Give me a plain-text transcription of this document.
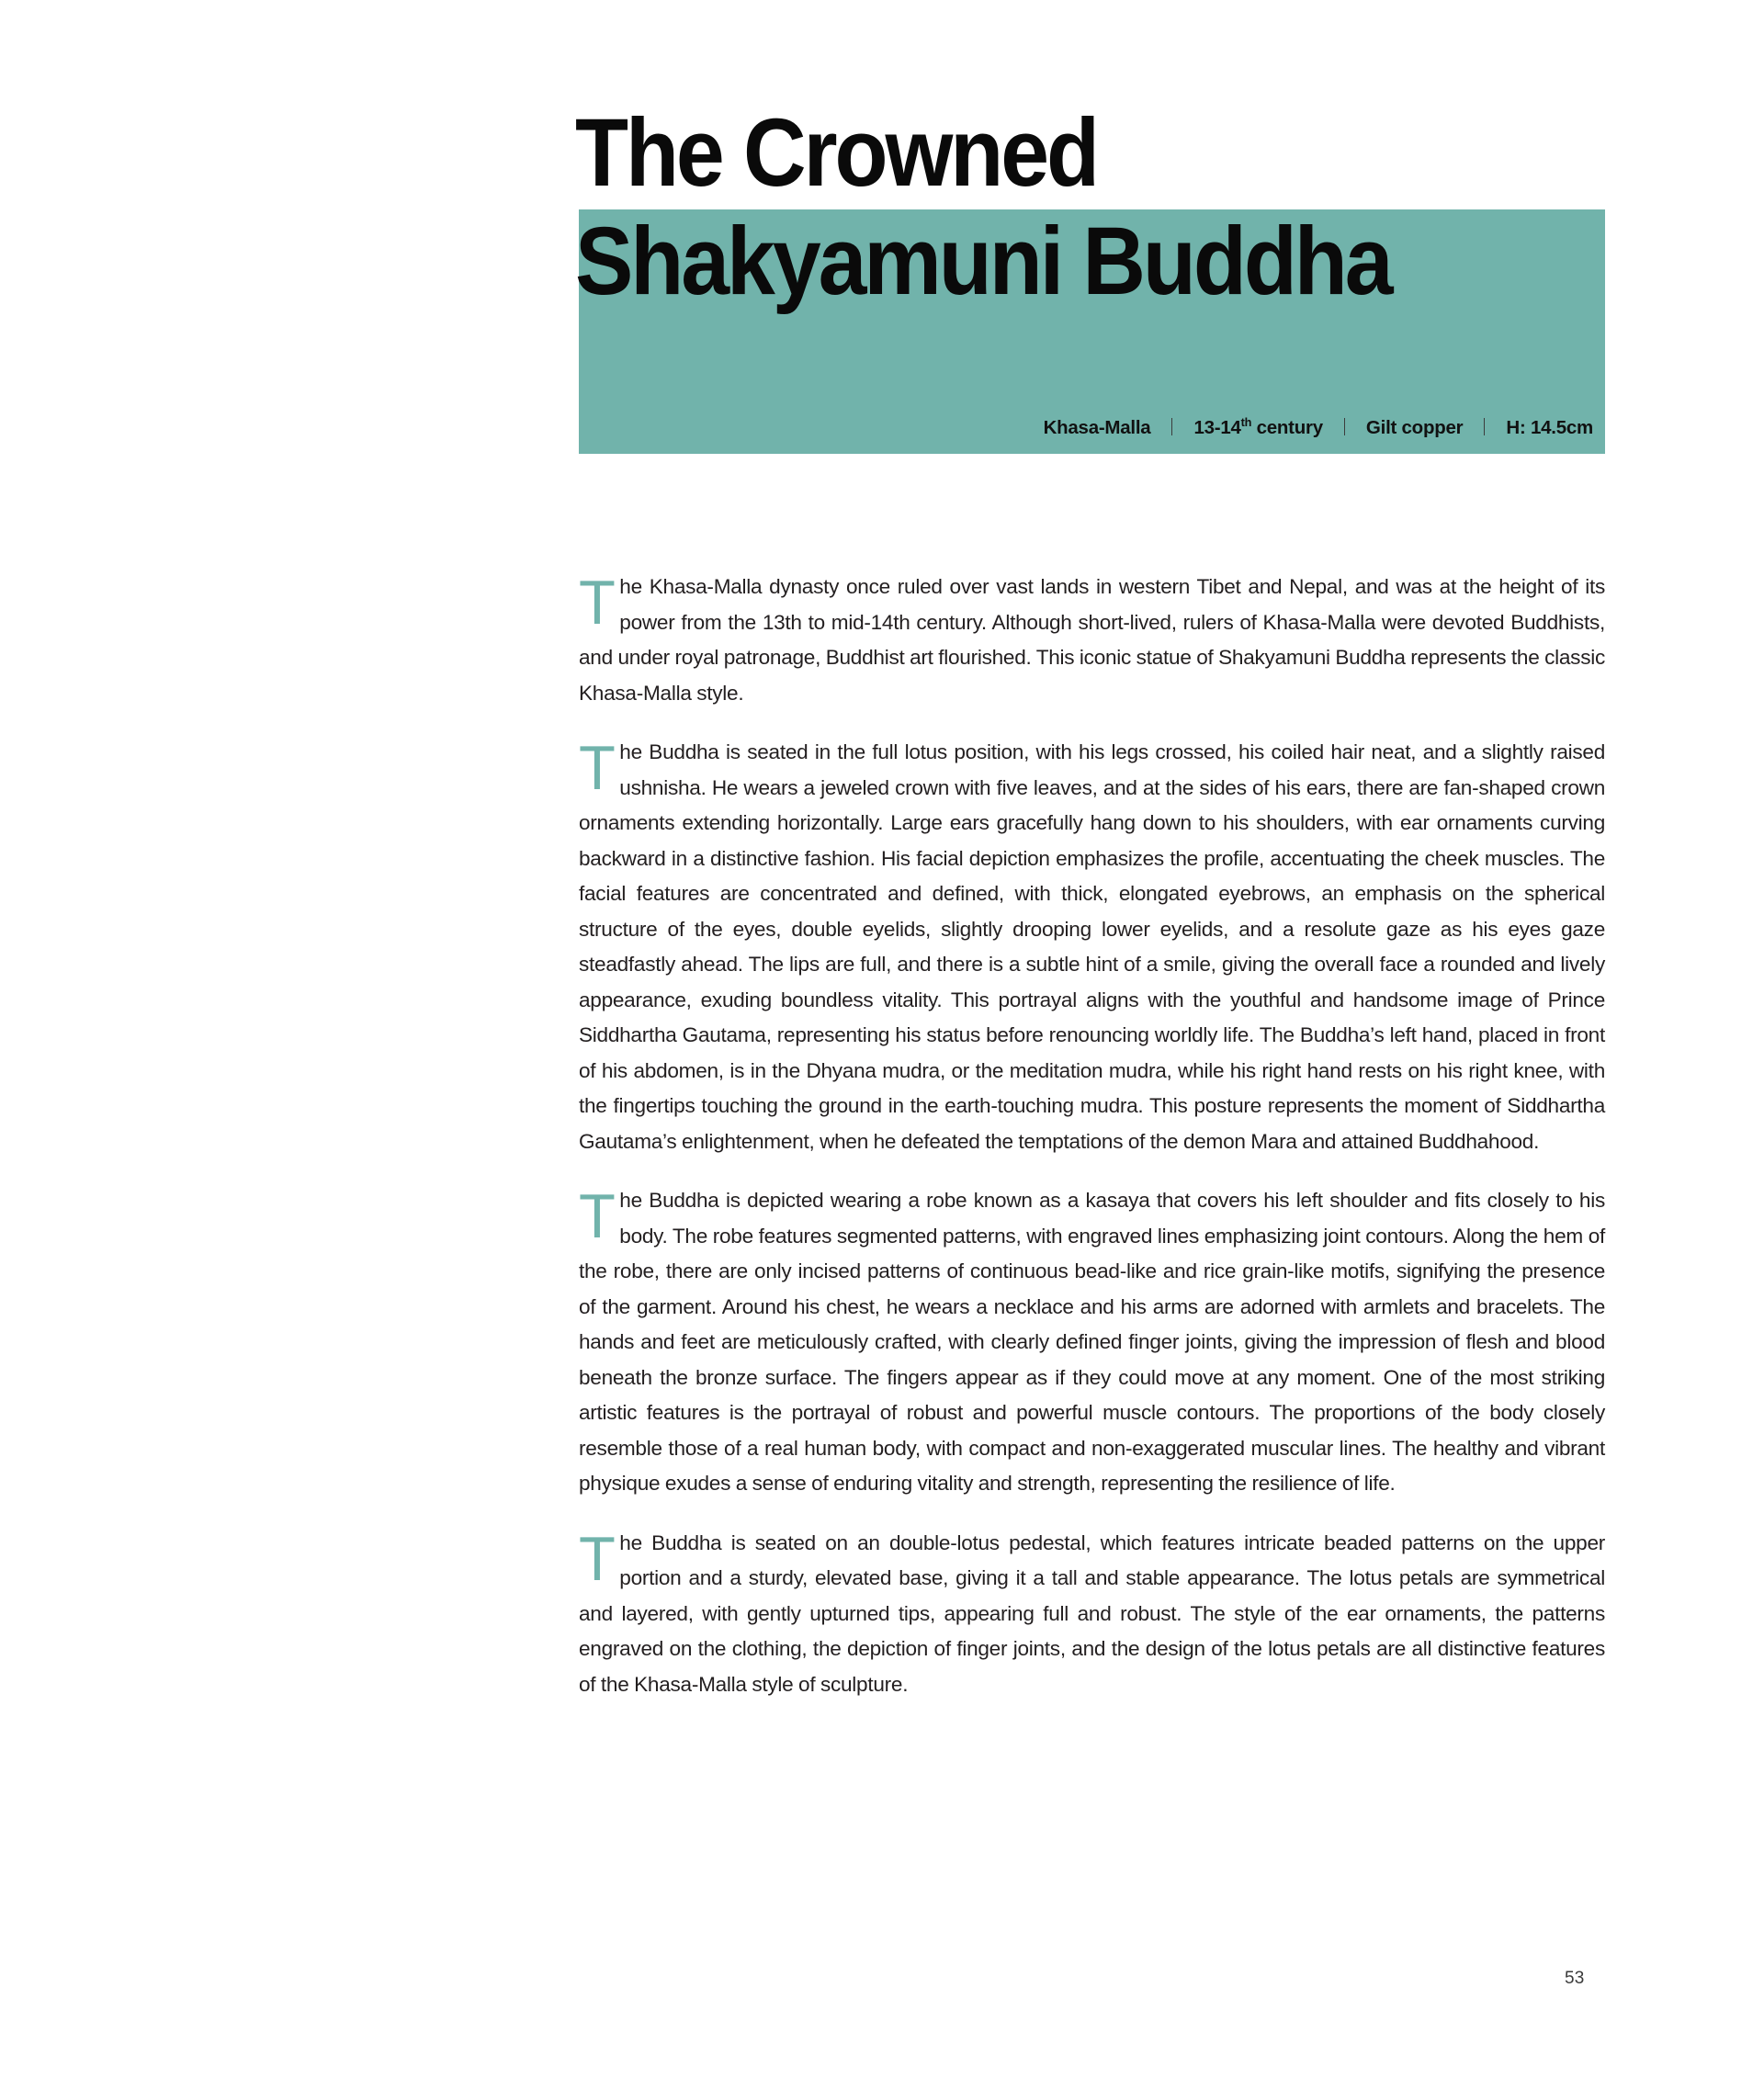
The Crowned
Shakyamuni Buddha
Khasa-Malla 13-14th century Gilt copper H: 14.5cm

T he Khasa-Malla dynasty once ruled over vast lands in western Tibet and Nepal, and was at the height of its power from the 13th to mid-14th century. Although short-lived, rulers of Khasa-Malla were devoted Buddhists, and under royal patronage, Buddhist art flourished. This iconic statue of Shakyamuni Buddha represents the classic Khasa-Malla style.

T he Buddha is seated in the full lotus position, with his legs crossed, his coiled hair neat, and a slightly raised ushnisha. He wears a jeweled crown with five leaves, and at the sides of his ears, there are fan-shaped crown ornaments extending horizontally. Large ears gracefully hang down to his shoulders, with ear ornaments curving backward in a distinctive fashion. His facial depiction emphasizes the profile, accentuating the cheek muscles. The facial features are concentrated and defined, with thick, elongated eyebrows, an emphasis on the spherical structure of the eyes, double eyelids, slightly drooping lower eyelids, and a resolute gaze as his eyes gaze steadfastly ahead. The lips are full, and there is a subtle hint of a smile, giving the overall face a rounded and lively appearance, exuding boundless vitality. This portrayal aligns with the youthful and handsome image of Prince Siddhartha Gautama, representing his status before renouncing worldly life. The Buddha’s left hand, placed in front of his abdomen, is in the Dhyana mudra, or the meditation mudra, while his right hand rests on his right knee, with the fingertips touching the ground in the earth-touching mudra. This posture represents the moment of Siddhartha Gautama’s enlightenment, when he defeated the temptations of the demon Mara and attained Buddhahood.

T he Buddha is depicted wearing a robe known as a kasaya that covers his left shoulder and fits closely to his body. The robe features segmented patterns, with engraved lines emphasizing joint contours. Along the hem of the robe, there are only incised patterns of continuous bead-like and rice grain-like motifs, signifying the presence of the garment. Around his chest, he wears a necklace and his arms are adorned with armlets and bracelets. The hands and feet are meticulously crafted, with clearly defined finger joints, giving the impression of flesh and blood beneath the bronze surface. The fingers appear as if they could move at any moment. One of the most striking artistic features is the portrayal of robust and powerful muscle contours. The proportions of the body closely resemble those of a real human body, with compact and non-exaggerated muscular lines. The healthy and vibrant physique exudes a sense of enduring vitality and strength, representing the resilience of life.

T he Buddha is seated on an double-lotus pedestal, which features intricate beaded patterns on the upper portion and a sturdy, elevated base, giving it a tall and stable appearance. The lotus petals are symmetrical and layered, with gently upturned tips, appearing full and robust. The style of the ear ornaments, the patterns engraved on the clothing, the depiction of finger joints, and the design of the lotus petals are all distinctive features of the Khasa-Malla style of sculpture.

53
